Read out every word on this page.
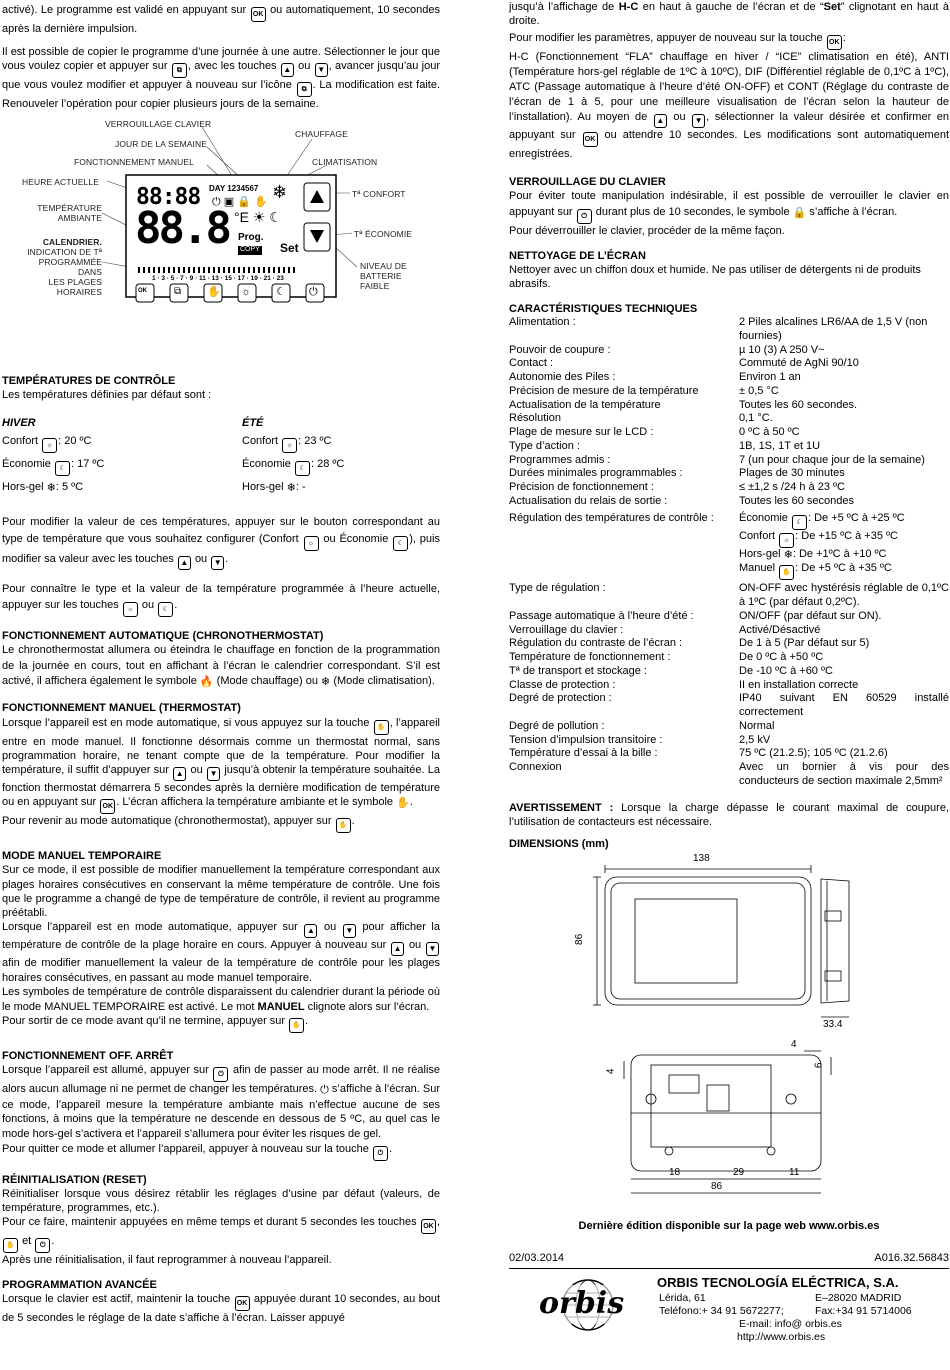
activé). Le programme est validé en appuyant sur OK ou automatiquement, 10 secondes après la dernière impulsion.

Il est possible de copier le programme d’une journée à une autre. Sélectionner le jour que vous voulez copier et appuyer sur ⧉ , avec les touches ▲ ou ▼ , avancer jusqu’au jour que vous voulez modifier et appuyer à nouveau sur l’icône ⧉ . La modification est faite. Renouveler l’opération pour copier plusieurs jours de la semaine.

VERROUILLAGE CLAVIER
JOUR DE LA SEMAINE
FONCTIONNEMENT MANUEL
HEURE ACTUELLE
TEMPÉRATURE
AMBIANTE
CALENDRIER.
INDICATION DE Tª
PROGRAMMÉE
DANS
LES PLAGES
HORAIRES
CHAUFFAGE
CLIMATISATION
Tª CONFORT
Tª ÉCONOMIE
NIVEAU DE
BATTERIE
FAIBLE
88:88 DAY 1234567
⏻ ▣ 🔒 ✋ ❄
88.8 °E ☀ ☾
Prog.
COPY Set
1 · 3 · 5 · 7 · 9 · 11 · 13 · 15 · 17 · 19 · 21 · 23
OK	⧉ ✋ ☼ ☾ ⏻

TEMPÉRATURES DE CONTRÔLE

Les températures définies par défaut sont :

HIVER	ÉTÉ
Confort ☼ : 20 ºC	Confort ☼ : 23 ºC
Économie ☾ : 17 ºC	Économie ☾ : 28 ºC
Hors-gel ❄: 5 ºC	Hors-gel ❄: -

Pour modifier la valeur de ces températures, appuyer sur le bouton correspondant au type de température que vous souhaitez configurer (Confort ☼ ou Économie ☾ ), puis modifier sa valeur avec les touches ▲ ou ▼ .

Pour connaître le type et la valeur de la température programmée à l’heure actuelle, appuyer sur les touches ☼ ou ☾ .

FONCTIONNEMENT AUTOMATIQUE (CHRONOTHERMOSTAT)

Le chronothermostat allumera ou éteindra le chauffage en fonction de la programmation de la journée en cours, tout en affichant à l’écran le calendrier correspondant. S’il est activé, il affichera également le symbole 🔥 (Mode chauffage) ou ❄ (Mode climatisation).

FONCTIONNEMENT MANUEL (THERMOSTAT)

Lorsque l’appareil est en mode automatique, si vous appuyez sur la touche ✋ , l’appareil entre en mode manuel. Il fonctionne désormais comme un thermostat normal, sans programmation horaire, ne tenant compte que de la température. Pour modifier la température, il suffit d’appuyer sur ▲ ou ▼ jusqu’à obtenir la température souhaitée. La fonction thermostat démarrera 5 secondes après la dernière modification de température ou en appuyant sur OK . L’écran affichera la température ambiante et le symbole ✋.

Pour revenir au mode automatique (chronothermostat), appuyer sur ✋ .

MODE MANUEL TEMPORAIRE

Sur ce mode, il est possible de modifier manuellement la température correspondant aux plages horaires consécutives en conservant la même température de contrôle. Une fois que le programme a changé de type de température de contrôle, il revient au programme préétabli.

Lorsque l’appareil est en mode automatique, appuyer sur ▲ ou ▼ pour afficher la température de contrôle de la plage horaire en cours. Appuyer à nouveau sur ▲ ou ▼ afin de modifier manuellement la valeur de la température de contrôle pour les plages horaires consécutives, en passant au mode manuel temporaire.

Les symboles de température de contrôle disparaissent du calendrier durant la période où le mode MANUEL TEMPORAIRE est activé. Le mot MANUEL clignote alors sur l’écran.

Pour sortir de ce mode avant qu’il ne termine, appuyer sur ✋ .

FONCTIONNEMENT OFF. ARRÊT

Lorsque l’appareil est allumé, appuyer sur ⏻ afin de passer au mode arrêt. Il ne réalise alors aucun allumage ni ne permet de changer les températures. ⏻ s’affiche à l’écran. Sur ce mode, l’appareil mesure la température ambiante mais n’effectue aucune de ses fonctions, à moins que la température ne descende en dessous de 5 ºC, au quel cas le mode hors-gel s’activera et l’appareil s’allumera pour éviter les risques de gel.

Pour quitter ce mode et allumer l’appareil, appuyer à nouveau sur la touche ⏻ .

RÉINITIALISATION (RESET)

Réinitialiser lorsque vous désirez rétablir les réglages d’usine par défaut (valeurs, de température, programmes, etc.).

Pour ce faire, maintenir appuyées en même temps et durant 5 secondes les touches OK ,✋ et ⏻ .

Après une réinitialisation, il faut reprogrammer à nouveau l’appareil.

PROGRAMMATION AVANCÉE

Lorsque le clavier est actif, maintenir la touche OK appuyée durant 10 secondes, au bout de 5 secondes le réglage de la date s’affiche à l’écran. Laisser appuyé

jusqu’à l’affichage de H-C en haut à gauche de l’écran et de “Set” clignotant en haut à droite.

Pour modifier les paramètres, appuyer de nouveau sur la touche OK :

H-C (Fonctionnement “FLA” chauffage en hiver / “ICE” climatisation en été), ANTI (Température hors-gel réglable de 1ºC à 10ºC), DIF (Différentiel réglable de 0,1ºC à 1ºC), ATC (Passage automatique à l’heure d’été ON-OFF) et CONT (Réglage du contraste de l’écran de 1 à 5, pour une meilleure visualisation de l’écran selon la hauteur de l’installation). Au moyen de ▲ ou ▼ , sélectionner la valeur désirée et confirmer en appuyant sur OK ou attendre 10 secondes. Les modifications sont automatiquement enregistrées.

VERROUILLAGE DU CLAVIER

Pour éviter toute manipulation indésirable, il est possible de verrouiller le clavier en appuyant sur ⏻ durant plus de 10 secondes, le symbole 🔒 s’affiche à l’écran.

Pour déverrouiller le clavier, procéder de la même façon.

NETTOYAGE DE L’ÉCRAN

Nettoyer avec un chiffon doux et humide. Ne pas utiliser de détergents ni de produits abrasifs.

CARACTÉRISTIQUES TECHNIQUES

Alimentation :	2 Piles alcalines LR6/AA de 1,5 V (non fournies)
Pouvoir de coupure :	µ 10 (3) A 250 V~
Contact :	Commuté de AgNi 90/10
Autonomie des Piles :	Environ 1 an
Précision de mesure de la température	± 0,5 °C
Actualisation de la température	Toutes les 60 secondes.
Résolution	0,1 °C.
Plage de mesure sur le LCD :	0 ºC à 50 ºC
Type d’action :	1B, 1S, 1T et 1U
Programmes admis :	7 (un pour chaque jour de la semaine)
Durées minimales programmables :	Plages de 30 minutes
Précision de fonctionnement :	≤ ±1,2 s /24 h à 23 ºC
Actualisation du relais de sortie :	Toutes les 60 secondes
Régulation des températures de contrôle :	Économie ☾ : De +5 ºC à +25 ºC
Confort ☼ : De +15 ºC à +35 ºC
Hors-gel ❄: De +1ºC à +10 ºC
Manuel ✋ : De +5 ºC à +35 ºC
Type de régulation :	ON-OFF avec hystérésis réglable de 0,1ºC à 1ºC (par défaut 0,2ºC).
Passage automatique à l’heure d’été :	ON/OFF (par défaut sur ON).
Verrouillage du clavier :	Activé/Désactivé
Régulation du contraste de l’écran :	De 1 à 5 (Par défaut sur 5)
Température de fonctionnement :	De 0 ºC à +50 ºC
Tª de transport et stockage :	De -10 ºC à +60 ºC
Classe de protection :	II en installation correcte
Degré de protection :	IP40 suivant EN 60529 installé correctement
Degré de pollution :	Normal
Tension d’impulsion transitoire :	2,5 kV
Température d’essai à la bille :	75 ºC (21.2.5); 105 ºC (21.2.6)
Connexion	Avec un bornier à vis pour des conducteurs de section maximale 2,5mm²

AVERTISSEMENT : Lorsque la charge dépasse le courant maximal de coupure, l’utilisation de contacteurs est nécessaire.

DIMENSIONS (mm)

138
86
33.4
4
4
6
18	29	11
86

Dernière édition disponible sur la page web www.orbis.es

02/03.2014	A016.32.56843
orbis
ORBIS TECNOLOGÍA ELÉCTRICA, S.A.
Lérida, 61	E–28020 MADRID
Teléfono:+ 34 91 5672277;	Fax:+34 91 5714006
E-mail: info@ orbis.es
http://www.orbis.es
